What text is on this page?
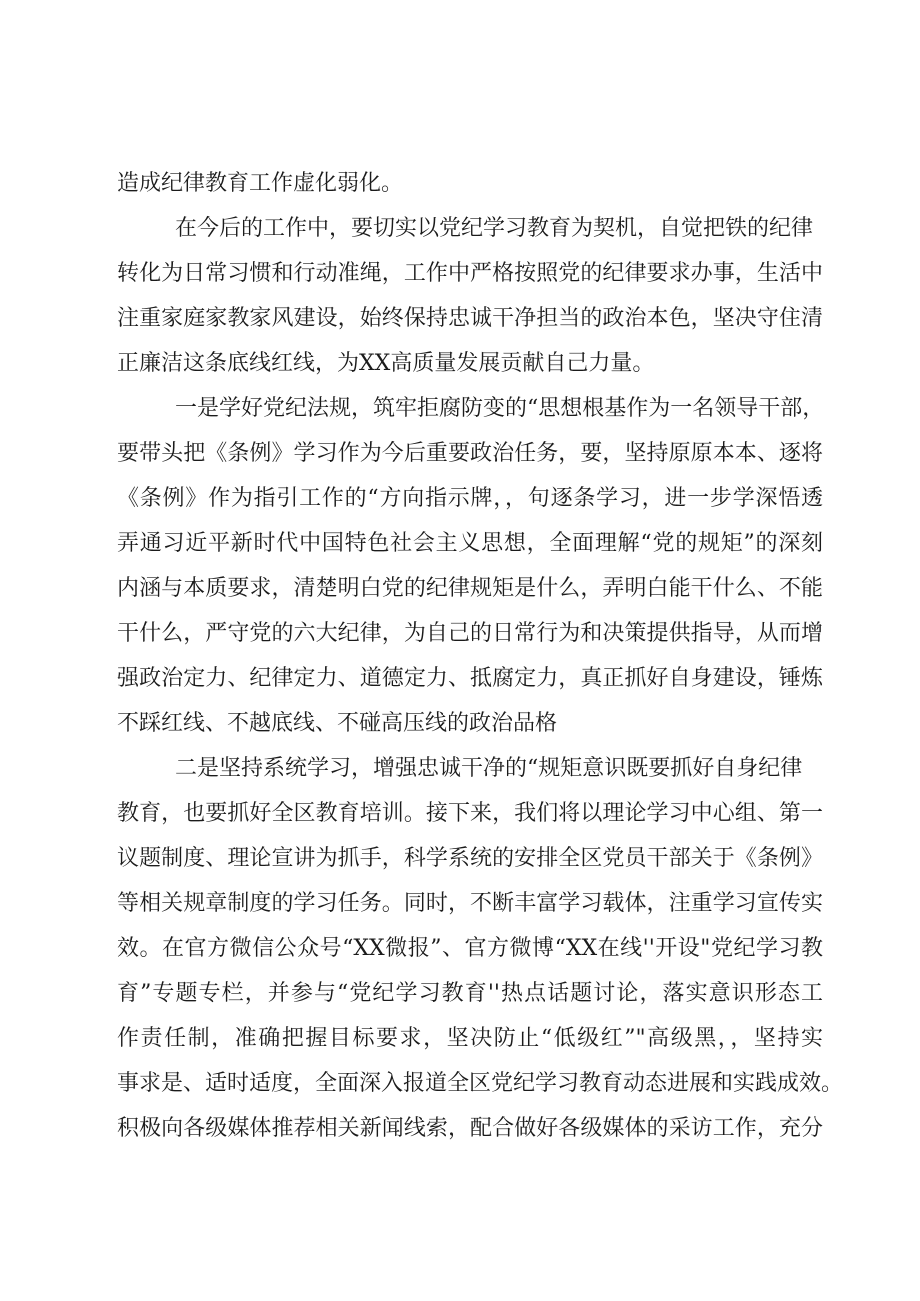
造成纪律教育工作虚化弱化。
在今后的工作中，要切实以党纪学习教育为契机，自觉把铁的纪律
转化为日常习惯和行动准绳，工作中严格按照党的纪律要求办事，生活中
注重家庭家教家风建设，始终保持忠诚干净担当的政治本色，坚决守住清
正廉洁这条底线红线，为XX高质量发展贡献自己力量。
一是学好党纪法规，筑牢拒腐防变的“思想根基作为一名领导干部，
要带头把《条例》学习作为今后重要政治任务，要，坚持原原本本、逐将
《条例》作为指引工作的“方向指示牌，，句逐条学习，进一步学深悟透
弄通习近平新时代中国特色社会主义思想，全面理解“党的规矩”的深刻
内涵与本质要求，清楚明白党的纪律规矩是什么，弄明白能干什么、不能
干什么，严守党的六大纪律，为自己的日常行为和决策提供指导，从而增
强政治定力、纪律定力、道德定力、抵腐定力，真正抓好自身建设，锤炼
不踩红线、不越底线、不碰高压线的政治品格
二是坚持系统学习，增强忠诚干净的“规矩意识既要抓好自身纪律
教育，也要抓好全区教育培训。接下来，我们将以理论学习中心组、第一
议题制度、理论宣讲为抓手，科学系统的安排全区党员干部关于《条例》
等相关规章制度的学习任务。同时，不断丰富学习载体，注重学习宣传实
效。在官方微信公众号“XX微报”、官方微博“XX在线''开设"党纪学习教
育”专题专栏，并参与“党纪学习教育''热点话题讨论，落实意识形态工
作责任制，准确把握目标要求，坚决防止“低级红”"高级黑，，坚持实
事求是、适时适度，全面深入报道全区党纪学习教育动态进展和实践成效。
积极向各级媒体推荐相关新闻线索，配合做好各级媒体的采访工作，充分
